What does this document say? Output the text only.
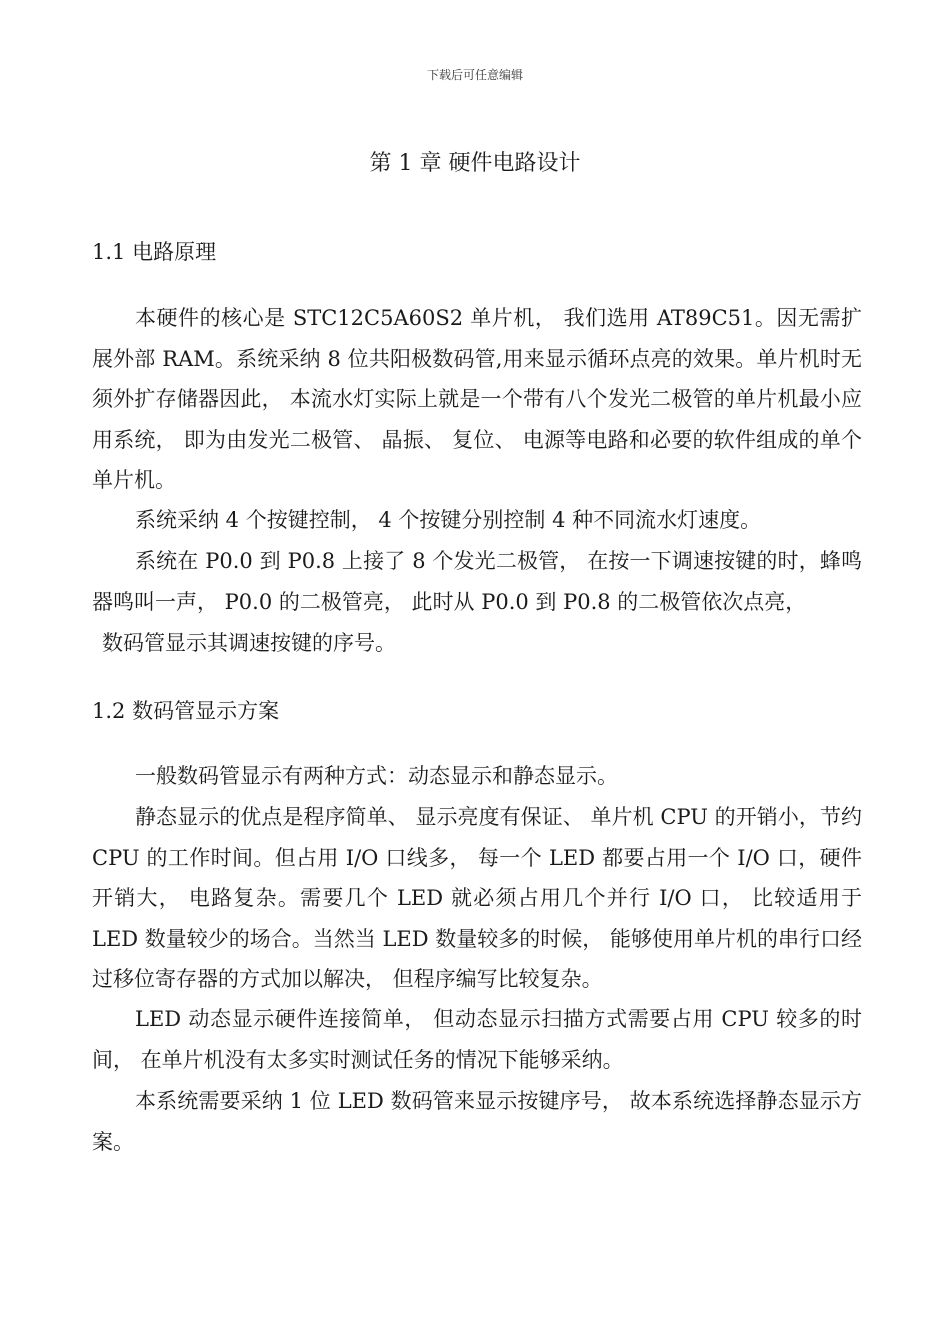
下载后可任意编辑
第 1 章 硬件电路设计
1.1 电路原理

本硬件的核心是 STC12C5A60S2 单片机， 我们选用 AT89C51。因无需扩展外部 RAM。系统采纳 8 位共阳极数码管,用来显示循环点亮的效果。单片机时无须外扩存储器因此， 本流水灯实际上就是一个带有八个发光二极管的单片机最小应用系统， 即为由发光二极管、 晶振、 复位、 电源等电路和必要的软件组成的单个单片机。

系统采纳 4 个按键控制， 4 个按键分别控制 4 种不同流水灯速度。

系统在 P0.0 到 P0.8 上接了 8 个发光二极管， 在按一下调速按键的时，蜂鸣器鸣叫一声， P0.0 的二极管亮， 此时从 P0.0 到 P0.8 的二极管依次点亮，

数码管显示其调速按键的序号。

1.2 数码管显示方案

一般数码管显示有两种方式：动态显示和静态显示。

静态显示的优点是程序简单、 显示亮度有保证、 单片机 CPU 的开销小，节约 CPU 的工作时间。但占用 I/O 口线多， 每一个 LED 都要占用一个 I/O 口，硬件开销大， 电路复杂。需要几个 LED 就必须占用几个并行 I/O 口， 比较适用于 LED 数量较少的场合。当然当 LED 数量较多的时候， 能够使用单片机的串行口经过移位寄存器的方式加以解决， 但程序编写比较复杂。

LED 动态显示硬件连接简单， 但动态显示扫描方式需要占用 CPU 较多的时间， 在单片机没有太多实时测试任务的情况下能够采纳。

本系统需要采纳 1 位 LED 数码管来显示按键序号， 故本系统选择静态显示方案。
